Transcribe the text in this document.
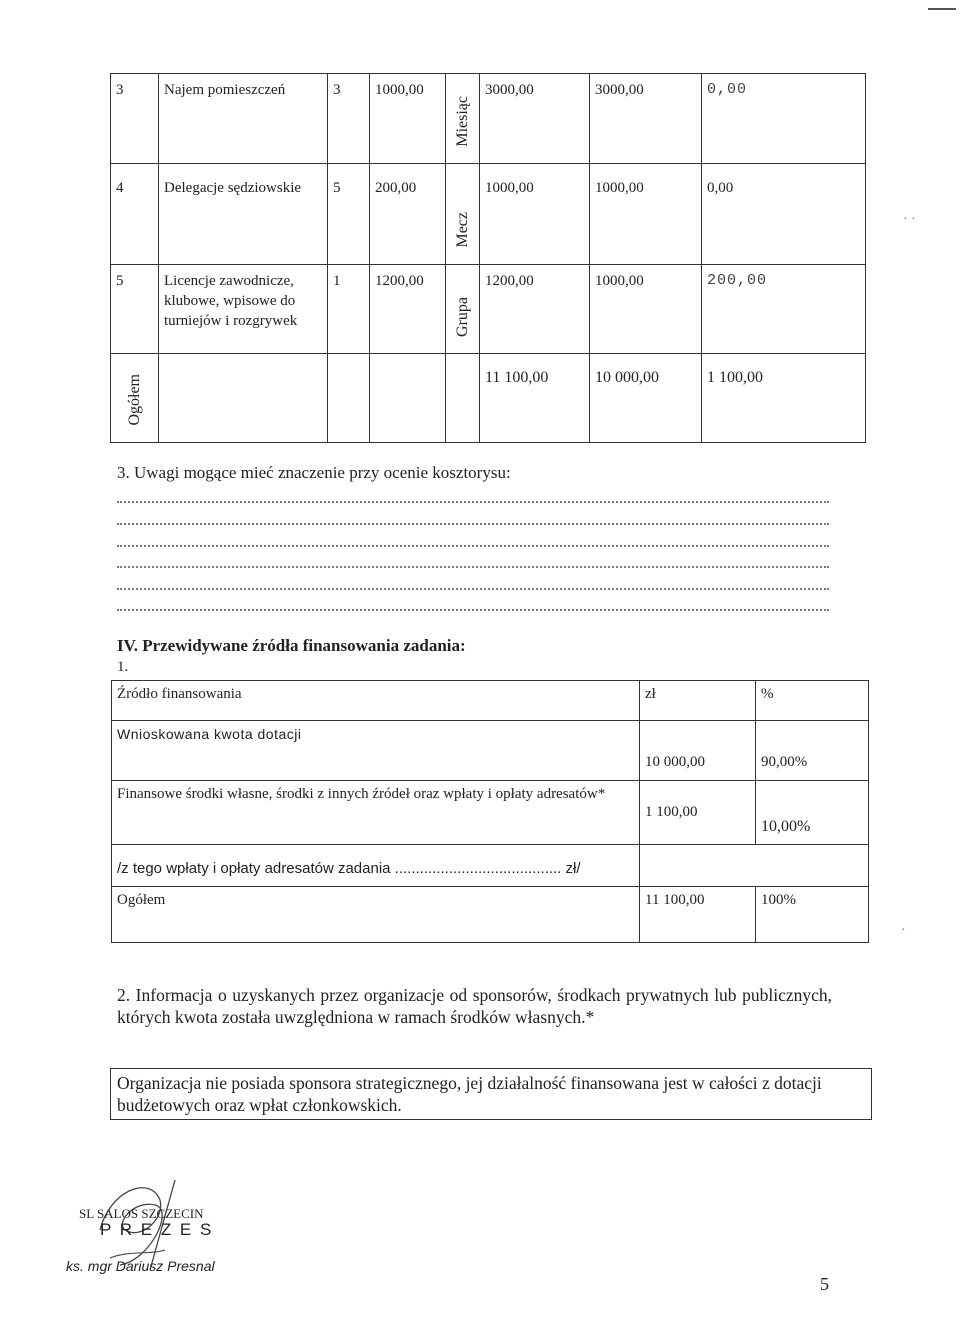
· ·
·
3	Najem pomieszczeń	3	1000,00	Miesiąc	3000,00	3000,00	0,00
4	Delegacje sędziowskie	5	200,00	Mecz	1000,00	1000,00	0,00
5	Licencje zawodnicze, klubowe, wpisowe do turniejów i rozgrywek	1	1200,00	Grupa	1200,00	1000,00	200,00
Ogółem					11 100,00	10 000,00	1 100,00
3. Uwagi mogące mieć znaczenie przy ocenie kosztorysu:
IV. Przewidywane źródła finansowania zadania:
1.
Źródło finansowania	zł	%
Wnioskowana kwota dotacji	10 000,00	90,00%
Finansowe środki własne, środki z innych źródeł oraz wpłaty i opłaty adresatów*	1 100,00	10,00%
/z tego wpłaty i opłaty adresatów zadania ........................................ zł/		
Ogółem	11 100,00	100%
2. Informacja o uzyskanych przez organizacje od sponsorów, środkach prywatnych lub publicznych, których kwota została uwzględniona w ramach środków własnych.*
Organizacja nie posiada sponsora strategicznego, jej działalność finansowana jest w całości z dotacji budżetowych oraz wpłat członkowskich.
SL SALOS SZCZECIN
P R E Z E S
ks. mgr Dariusz Presnal
5
